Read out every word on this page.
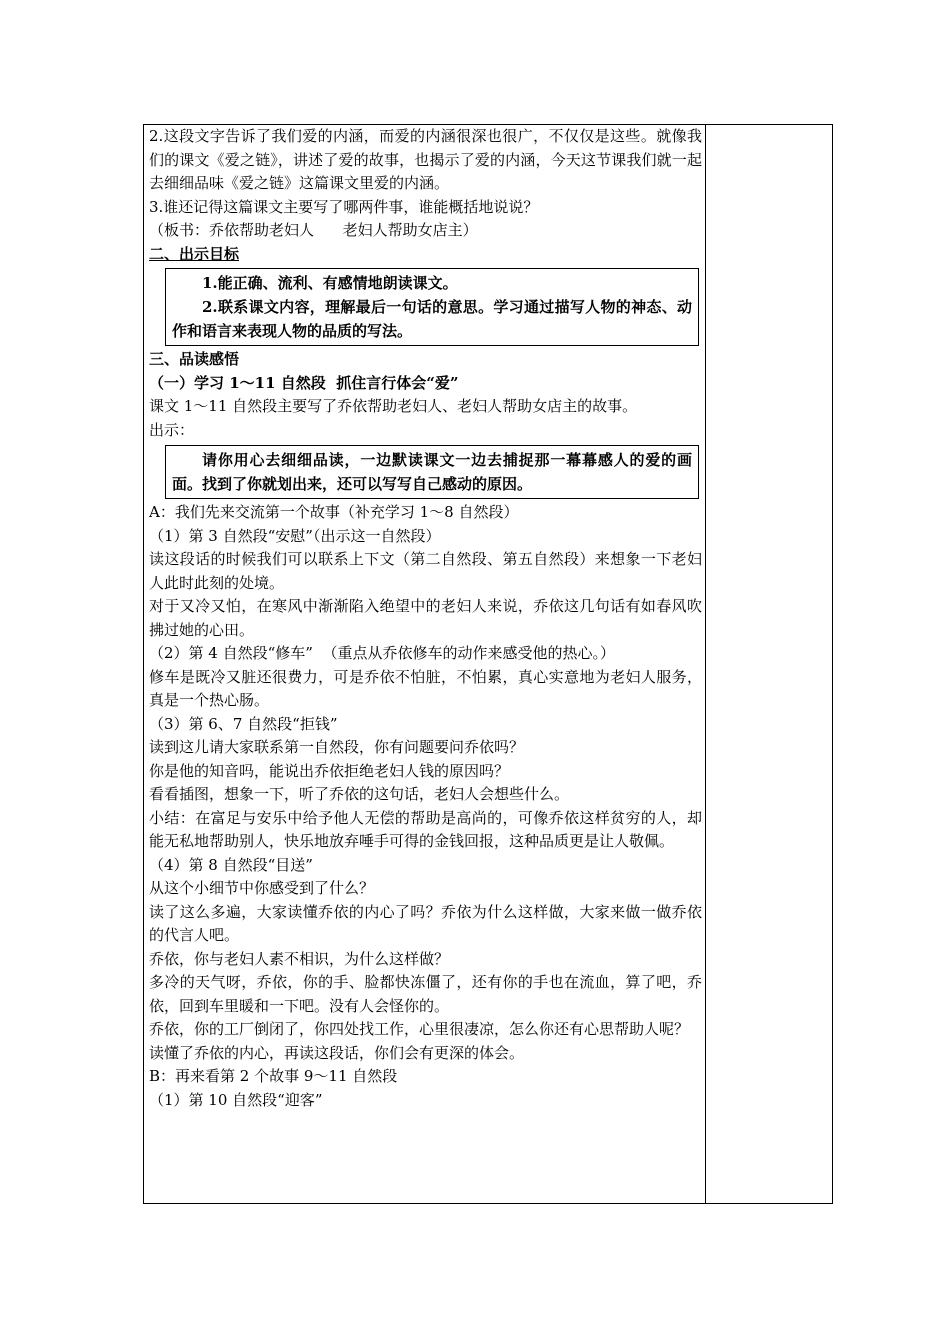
2.这段文字告诉了我们爱的内涵，而爱的内涵很深也很广，不仅仅是这些。就像我们的课文《爱之链》，讲述了爱的故事，也揭示了爱的内涵，今天这节课我们就一起去细细品味《爱之链》这篇课文里爱的内涵。

3.谁还记得这篇课文主要写了哪两件事，谁能概括地说说？

（板书：乔依帮助老妇人      老妇人帮助女店主）

二、出示目标

1.能正确、流利、有感情地朗读课文。

2.联系课文内容，理解最后一句话的意思。学习通过描写人物的神态、动作和语言来表现人物的品质的写法。

三、品读感悟

（一）学习 1～11 自然段  抓住言行体会“爱”

课文 1～11 自然段主要写了乔依帮助老妇人、老妇人帮助女店主的故事。

出示：

请你用心去细细品读，一边默读课文一边去捕捉那一幕幕感人的爱的画面。找到了你就划出来，还可以写写自己感动的原因。

A：我们先来交流第一个故事（补充学习 1～8 自然段）

（1）第 3 自然段“安慰”（出示这一自然段）

读这段话的时候我们可以联系上下文（第二自然段、第五自然段）来想象一下老妇人此时此刻的处境。

对于又冷又怕，在寒风中渐渐陷入绝望中的老妇人来说，乔依这几句话有如春风吹拂过她的心田。

（2）第 4 自然段“修车”  （重点从乔依修车的动作来感受他的热心。）

修车是既冷又脏还很费力，可是乔依不怕脏，不怕累，真心实意地为老妇人服务，真是一个热心肠。

（3）第 6、7 自然段“拒钱”

读到这儿请大家联系第一自然段，你有问题要问乔依吗？

你是他的知音吗，能说出乔依拒绝老妇人钱的原因吗？

看看插图，想象一下，听了乔依的这句话，老妇人会想些什么。

小结：在富足与安乐中给予他人无偿的帮助是高尚的，可像乔依这样贫穷的人，却能无私地帮助别人，快乐地放弃唾手可得的金钱回报，这种品质更是让人敬佩。

（4）第 8 自然段“目送”

从这个小细节中你感受到了什么？

读了这么多遍，大家读懂乔依的内心了吗？乔依为什么这样做，大家来做一做乔依的代言人吧。

乔依，你与老妇人素不相识，为什么这样做？

多冷的天气呀，乔依，你的手、脸都快冻僵了，还有你的手也在流血，算了吧，乔依，回到车里暖和一下吧。没有人会怪你的。

乔依，你的工厂倒闭了，你四处找工作，心里很凄凉，怎么你还有心思帮助人呢？

读懂了乔依的内心，再读这段话，你们会有更深的体会。

B：再来看第 2 个故事 9～11 自然段

（1）第 10 自然段“迎客”
